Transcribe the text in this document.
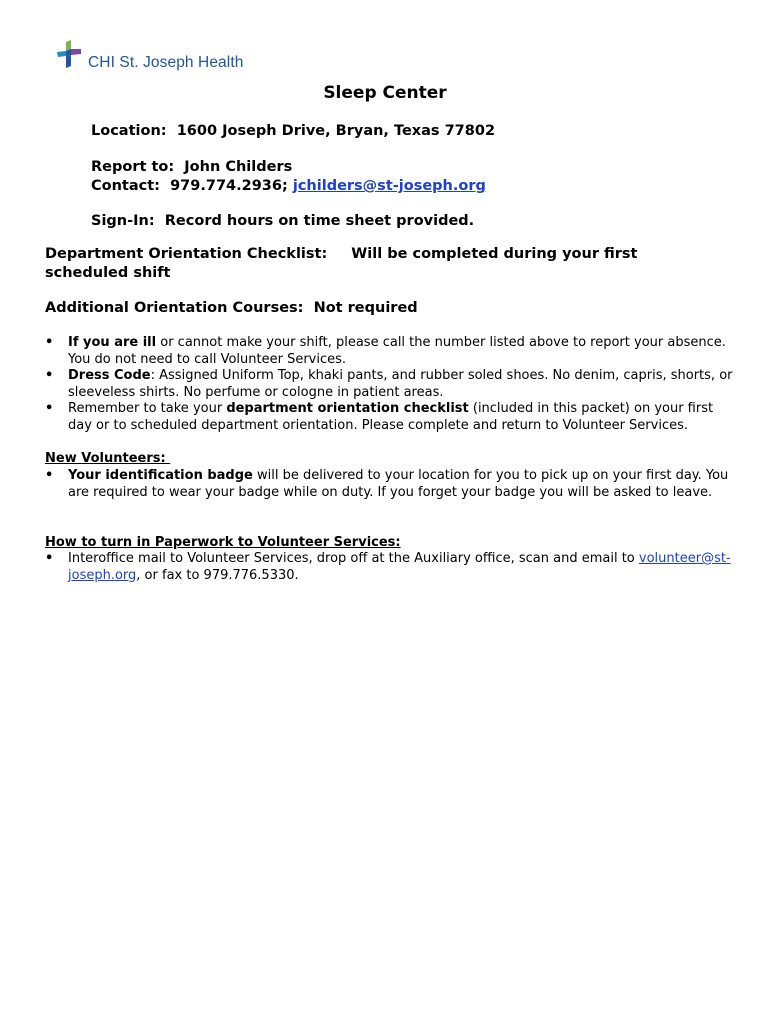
CHI St. Joseph Health
Sleep Center
Location: 1600 Joseph Drive, Bryan, Texas 77802
Report to: John Childers
Contact: 979.774.2936; jchilders@st-joseph.org
Sign-In: Record hours on time sheet provided.
Department Orientation Checklist: Will be completed during your first scheduled shift
Additional Orientation Courses: Not required
• If you are ill or cannot make your shift, please call the number listed above to report your absence. You do not need to call Volunteer Services.
• Dress Code: Assigned Uniform Top, khaki pants, and rubber soled shoes. No denim, capris, shorts, or sleeveless shirts. No perfume or cologne in patient areas.
• Remember to take your department orientation checklist (included in this packet) on your first day or to scheduled department orientation. Please complete and return to Volunteer Services.
New Volunteers:
• Your identification badge will be delivered to your location for you to pick up on your first day. You are required to wear your badge while on duty. If you forget your badge you will be asked to leave.
How to turn in Paperwork to Volunteer Services:
• Interoffice mail to Volunteer Services, drop off at the Auxiliary office, scan and email to volunteer@st-joseph.org, or fax to 979.776.5330.
